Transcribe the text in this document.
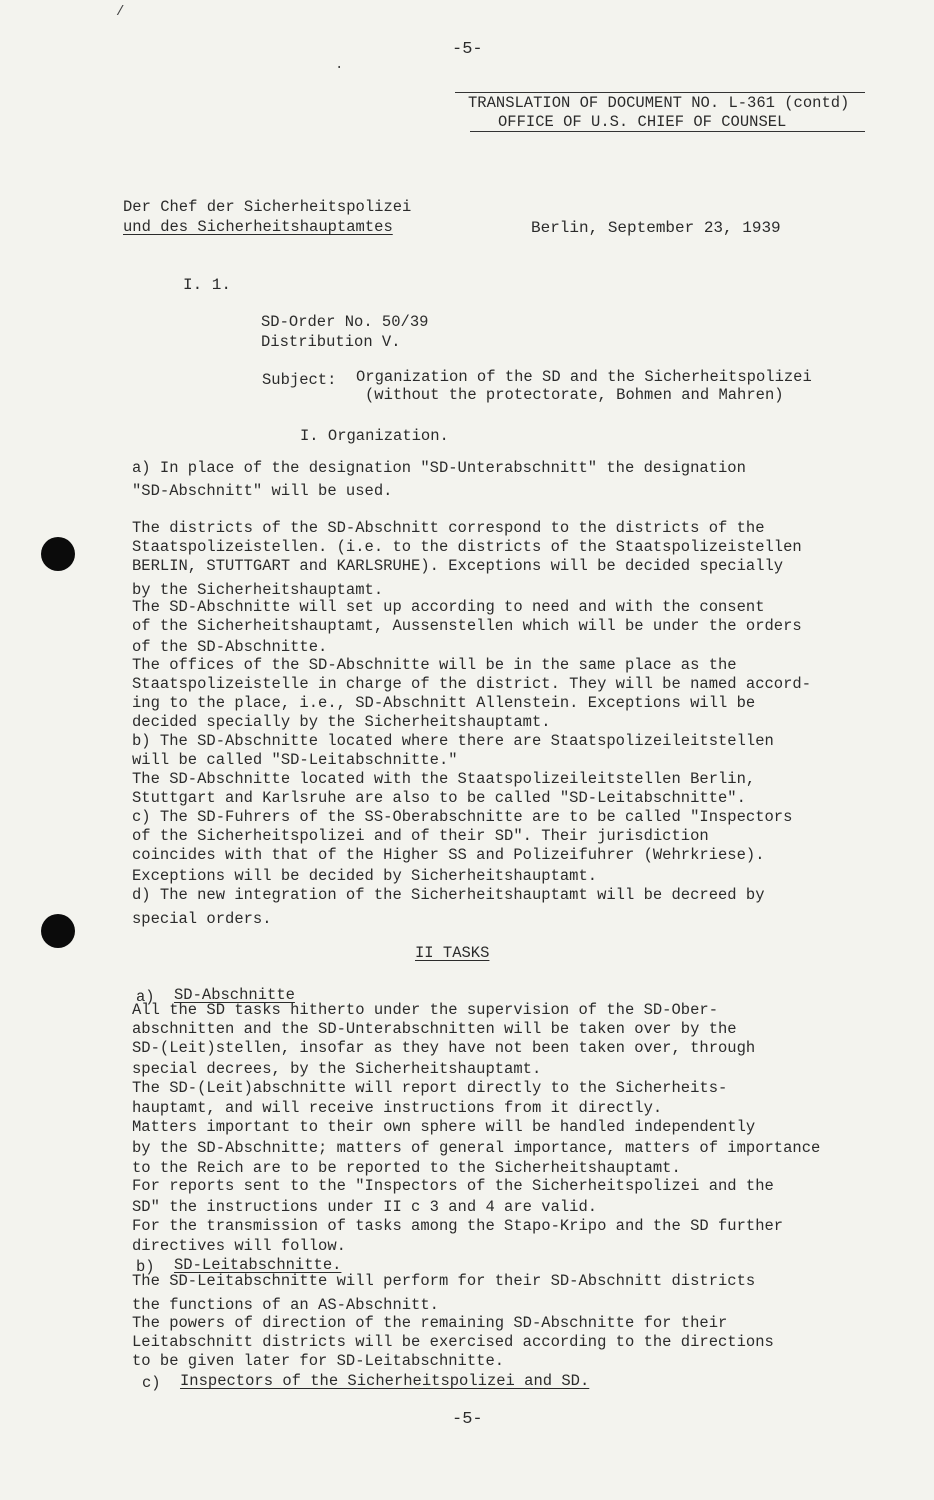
/
·
-5-
TRANSLATION OF DOCUMENT NO. L-361 (contd)
OFFICE OF U.S. CHIEF OF COUNSEL
Der Chef der Sicherheitspolizei
und des Sicherheitshauptamtes	Berlin, September 23, 1939
I. 1.
SD-Order No. 50/39
Distribution V.
Subject: Organization of the SD and the Sicherheitspolizei
(without the protectorate, Bohmen and Mahren)
I. Organization.
a) In place of the designation "SD-Unterabschnitt" the designation
"SD-Abschnitt" will be used.
The districts of the SD-Abschnitt correspond to the districts of the
Staatspolizeistellen. (i.e. to the districts of the Staatspolizeistellen
BERLIN, STUTTGART and KARLSRUHE). Exceptions will be decided specially
by the Sicherheitshauptamt.
The SD-Abschnitte will set up according to need and with the consent
of the Sicherheitshauptamt, Aussenstellen which will be under the orders
of the SD-Abschnitte.
The offices of the SD-Abschnitte will be in the same place as the
Staatspolizeistelle in charge of the district. They will be named accord-
ing to the place, i.e., SD-Abschnitt Allenstein. Exceptions will be
decided specially by the Sicherheitshauptamt.
b) The SD-Abschnitte located where there are Staatspolizeileitstellen
will be called "SD-Leitabschnitte."
The SD-Abschnitte located with the Staatspolizeileitstellen Berlin,
Stuttgart and Karlsruhe are also to be called "SD-Leitabschnitte".
c) The SD-Fuhrers of the SS-Oberabschnitte are to be called "Inspectors
of the Sicherheitspolizei and of their SD". Their jurisdiction
coincides with that of the Higher SS and Polizeifuhrer (Wehrkriese).
Exceptions will be decided by Sicherheitshauptamt.
d) The new integration of the Sicherheitshauptamt will be decreed by
special orders.
II TASKS
a) SD-Abschnitte
All the SD tasks hitherto under the supervision of the SD-Ober-
abschnitten and the SD-Unterabschnitten will be taken over by the
SD-(Leit)stellen, insofar as they have not been taken over, through
special decrees, by the Sicherheitshauptamt.
The SD-(Leit)abschnitte will report directly to the Sicherheits-
hauptamt, and will receive instructions from it directly.
Matters important to their own sphere will be handled independently
by the SD-Abschnitte; matters of general importance, matters of importance
to the Reich are to be reported to the Sicherheitshauptamt.
For reports sent to the "Inspectors of the Sicherheitspolizei and the
SD" the instructions under II c 3 and 4 are valid.
For the transmission of tasks among the Stapo-Kripo and the SD further
directives will follow.
b) SD-Leitabschnitte.
The SD-Leitabschnitte will perform for their SD-Abschnitt districts
the functions of an AS-Abschnitt.
The powers of direction of the remaining SD-Abschnitte for their
Leitabschnitt districts will be exercised according to the directions
to be given later for SD-Leitabschnitte.
c) Inspectors of the Sicherheitspolizei and SD.
-5-
